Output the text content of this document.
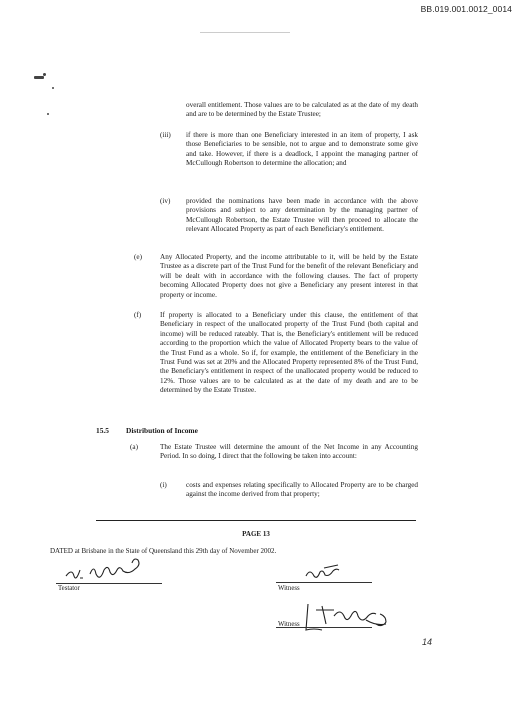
BB.019.001.0012_0014

overall entitlement. Those values are to be calculated as at the date of my death and are to be determined by the Estate Trustee;

(iii) if there is more than one Beneficiary interested in an item of property, I ask those Beneficiaries to be sensible, not to argue and to demonstrate some give and take. However, if there is a deadlock, I appoint the managing partner of McCullough Robertson to determine the allocation; and

(iv) provided the nominations have been made in accordance with the above provisions and subject to any determination by the managing partner of McCullough Robertson, the Estate Trustee will then proceed to allocate the relevant Allocated Property as part of each Beneficiary's entitlement.

(e)	Any Allocated Property, and the income attributable to it, will be held by the Estate Trustee as a discrete part of the Trust Fund for the benefit of the relevant Beneficiary and will be dealt with in accordance with the following clauses. The fact of property becoming Allocated Property does not give a Beneficiary any present interest in that property or income.

(f)	If property is allocated to a Beneficiary under this clause, the entitlement of that Beneficiary in respect of the unallocated property of the Trust Fund (both capital and income) will be reduced rateably. That is, the Beneficiary's entitlement will be reduced according to the proportion which the value of Allocated Property bears to the value of the Trust Fund as a whole. So if, for example, the entitlement of the Beneficiary in the Trust Fund was set at 20% and the Allocated Property represented 8% of the Trust Fund, the Beneficiary's entitlement in respect of the unallocated property would be reduced to 12%. Those values are to be calculated as at the date of my death and are to be determined by the Estate Trustee.

15.5 Distribution of Income
(a)	The Estate Trustee will determine the amount of the Net Income in any Accounting Period. In so doing, I direct that the following be taken into account:

(i)	costs and expenses relating specifically to Allocated Property are to be charged against the income derived from that property;

PAGE 13
DATED at Brisbane in the State of Queensland this 29th day of November 2002.
Testator	Witness
Witness
14
